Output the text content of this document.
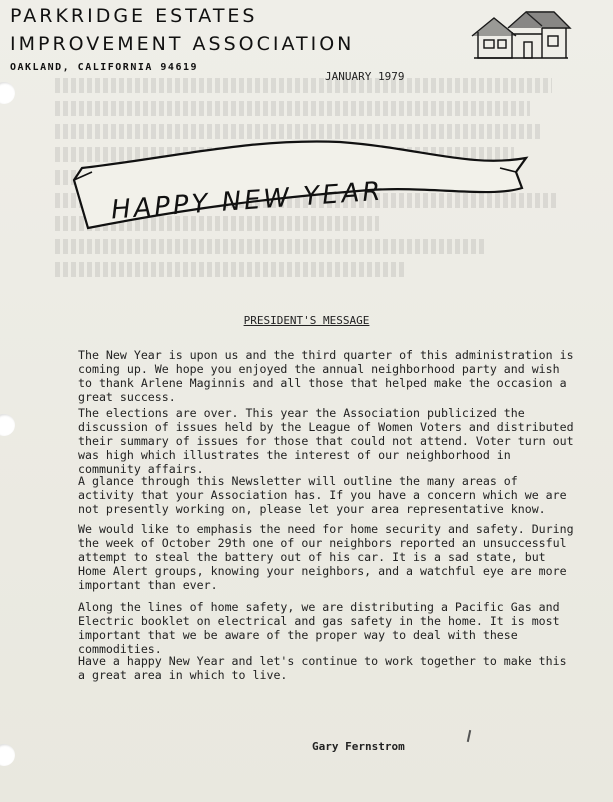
PARKRIDGE ESTATES
IMPROVEMENT ASSOCIATION
OAKLAND, CALIFORNIA 94619
JANUARY 1979
HAPPY NEW YEAR
PRESIDENT'S MESSAGE

The New Year is upon us and the third quarter of this administration is coming up. We hope you enjoyed the annual neighborhood party and wish to thank Arlene Maginnis and all those that helped make the occasion a great success.

The elections are over. This year the Association publicized the discussion of issues held by the League of Women Voters and distributed their summary of issues for those that could not attend. Voter turn out was high which illustrates the interest of our neighborhood in community affairs.

A glance through this Newsletter will outline the many areas of activity that your Association has. If you have a concern which we are not presently working on, please let your area representative know.

We would like to emphasis the need for home security and safety. During the week of October 29th one of our neighbors reported an unsuccessful attempt to steal the battery out of his car. It is a sad state, but Home Alert groups, knowing your neighbors, and a watchful eye are more important than ever.

Along the lines of home safety, we are distributing a Pacific Gas and Electric booklet on electrical and gas safety in the home. It is most important that we be aware of the proper way to deal with these commodities.

Have a happy New Year and let's continue to work together to make this a great area in which to live.

Gary Fernstrom
